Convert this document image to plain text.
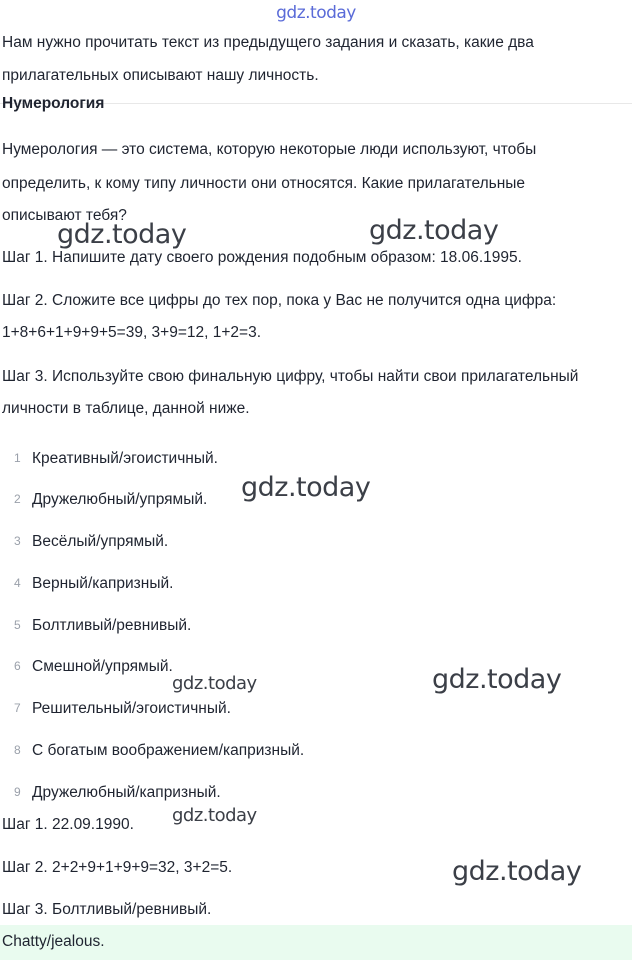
gdz.today
Нам нужно прочитать текст из предыдущего задания и сказать, какие два
прилагательных описывают нашу личность.
Нумерология
Нумерология — это система, которую некоторые люди используют, чтобы
определить, к кому типу личности они относятся. Какие прилагательные
описывают тебя?
Шаг 1. Напишите дату своего рождения подобным образом: 18.06.1995.
Шаг 2. Сложите все цифры до тех пор, пока у Вас не получится одна цифра:
1+8+6+1+9+9+5=39, 3+9=12, 1+2=3.
Шаг 3. Используйте свою финальную цифру, чтобы найти свои прилагательный
личности в таблице, данной ниже.
1 Креативный/эгоистичный.
2 Дружелюбный/упрямый.
3 Весёлый/упрямый.
4 Верный/капризный.
5 Болтливый/ревнивый.
6 Смешной/упрямый.
7 Решительный/эгоистичный.
8 С богатым воображением/капризный.
9 Дружелюбный/капризный.
Шаг 1. 22.09.1990.
Шаг 2. 2+2+9+1+9+9=32, 3+2=5.
Шаг 3. Болтливый/ревнивый.
Chatty/jealous.
gdz.today	gdz.today
gdz.today
gdz.today	gdz.today
gdz.today
gdz.today
